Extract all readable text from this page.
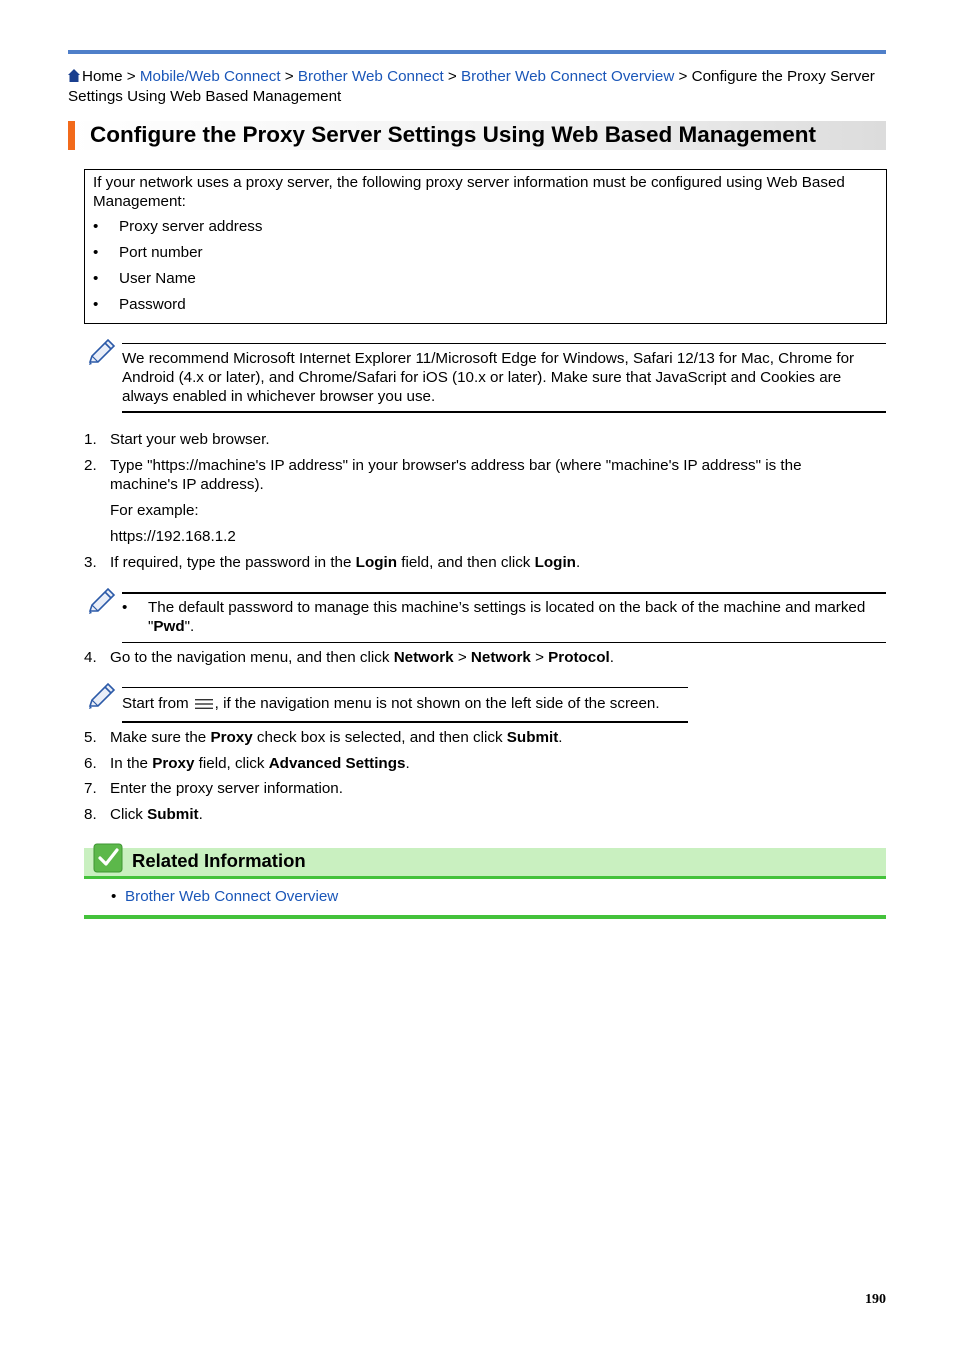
Home > Mobile/Web Connect > Brother Web Connect > Brother Web Connect Overview > Configure the Proxy Server Settings Using Web Based Management
Configure the Proxy Server Settings Using Web Based Management
If your network uses a proxy server, the following proxy server information must be configured using Web Based Management:
• Proxy server address
• Port number
• User Name
• Password

We recommend Microsoft Internet Explorer 11/Microsoft Edge for Windows, Safari 12/13 for Mac, Chrome for Android (4.x or later), and Chrome/Safari for iOS (10.x or later). Make sure that JavaScript and Cookies are always enabled in whichever browser you use.

1. Start your web browser.
2. Type "https://machine's IP address" in your browser's address bar (where "machine's IP address" is the machine's IP address).
For example:
https://192.168.1.2
3. If required, type the password in the Login field, and then click Login.
• The default password to manage this machine’s settings is located on the back of the machine and marked "Pwd".
4. Go to the navigation menu, and then click Network > Network > Protocol.
Start from , if the navigation menu is not shown on the left side of the screen.
5. Make sure the Proxy check box is selected, and then click Submit.
6. In the Proxy field, click Advanced Settings.
7. Enter the proxy server information.
8. Click Submit.
Related Information
• Brother Web Connect Overview
190
